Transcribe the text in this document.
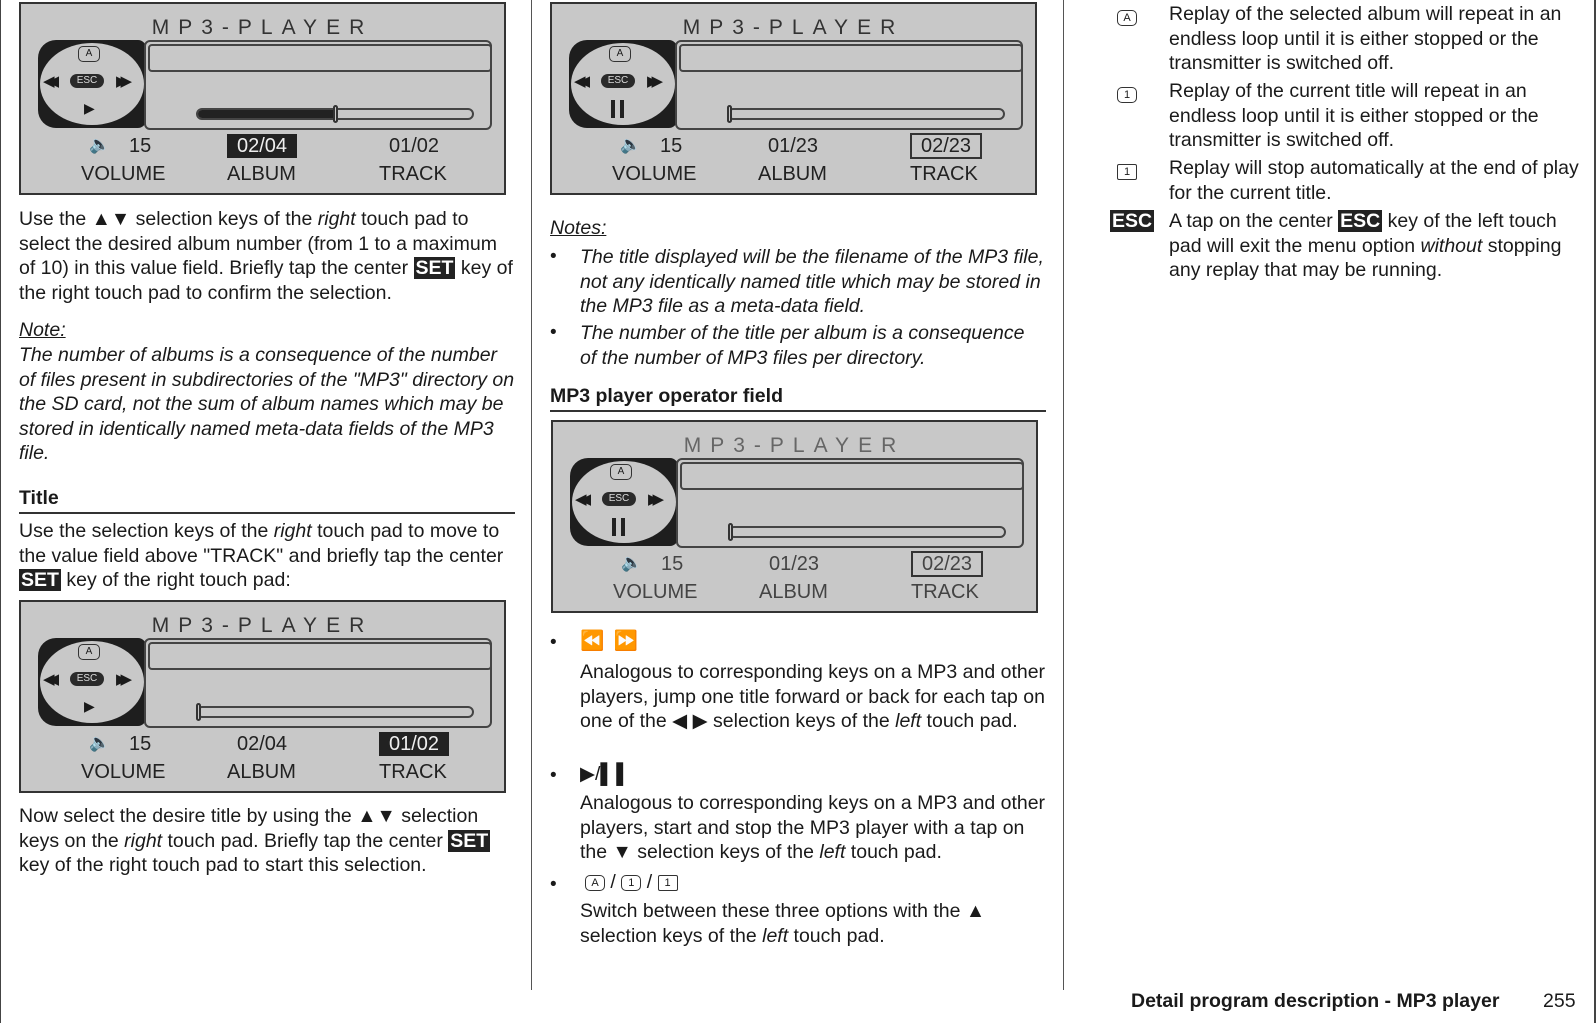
MP3-PLAYER
A
◀◀	ESC	▶▶
▶
🔈 15	02/04	01/02
VOLUME	ALBUM	TRACK
Use the ▲▼ selection keys of the right touch pad to select the desired album number (from 1 to a maximum of 10) in this value field. Briefly tap the center SET key of the right touch pad to confirm the selection.
Note:
The number of albums is a consequence of the number of files present in subdirectories of the "MP3" directory on the SD card, not the sum of album names which may be stored in identically named meta-data fields of the MP3 file.
Title
Use the selection keys of the right touch pad to move to the value field above "TRACK" and briefly tap the center SET key of the right touch pad:
MP3-PLAYER
A
◀◀	ESC	▶▶
▶
🔈 15	02/04	01/02
VOLUME	ALBUM	TRACK
Now select the desire title by using the ▲▼ selection keys on the right touch pad. Briefly tap the center SET key of the right touch pad to start this selection.
MP3-PLAYER
A
◀◀	ESC	▶▶
🔈 15	01/23	02/23
VOLUME	ALBUM	TRACK
Notes:
• The title displayed will be the filename of the MP3 file, not any identically named title which may be stored in the MP3 file as a meta-data field.
• The number of the title per album is a consequence of the number of MP3 files per directory.
MP3 player operator field
MP3-PLAYER
A
◀◀	ESC	▶▶
🔈 15	01/23	02/23
VOLUME	ALBUM	TRACK
• ⏪ ⏩
Analogous to corresponding keys on a MP3 and other players, jump one title forward or back for each tap on one of the ◀ ▶ selection keys of the left touch pad.
• ▶/▌▌
Analogous to corresponding keys on a MP3 and other players, start and stop the MP3 player with a tap on the ▼ selection keys of the left touch pad.
•	A / 1 / 1
Switch between these three options with the ▲ selection keys of the left touch pad.
A	Replay of the selected album will repeat in an endless loop until it is either stopped or the transmitter is switched off.
1	Replay of the current title will repeat in an endless loop until it is either stopped or the transmitter is switched off.
1	Replay will stop automatically at the end of play for the current title.
ESC A tap on the center ESC key of the left touch pad will exit the menu option without stopping any replay that may be running.
Detail program description - MP3 player 255
